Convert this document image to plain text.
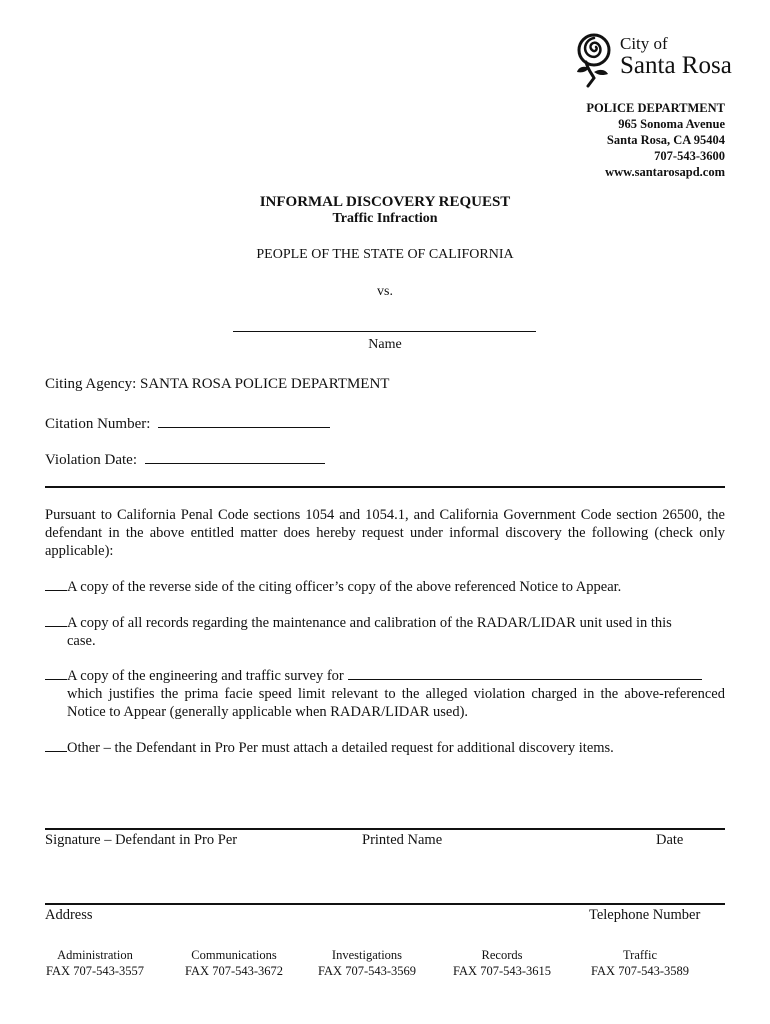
City of
Santa Rosa
POLICE DEPARTMENT
965 Sonoma Avenue
Santa Rosa, CA 95404
707-543-3600
www.santarosapd.com
INFORMAL DISCOVERY REQUEST
Traffic Infraction
PEOPLE OF THE STATE OF CALIFORNIA
vs.
Name
Citing Agency: SANTA ROSA POLICE DEPARTMENT
Citation Number:
Violation Date:
Pursuant to California Penal Code sections 1054 and 1054.1, and California Government Code section 26500, the defendant in the above entitled matter does hereby request under informal discovery the following (check only applicable):
A copy of the reverse side of the citing officer’s copy of the above referenced Notice to Appear.
A copy of all records regarding the maintenance and calibration of the RADAR/LIDAR unit used in this
case.
A copy of the engineering and traffic survey for
which justifies the prima facie speed limit relevant to the alleged violation charged in the above-referenced Notice to Appear (generally applicable when RADAR/LIDAR used).
Other – the Defendant in Pro Per must attach a detailed request for additional discovery items.
Signature – Defendant in Pro Per	Printed Name	Date
Address	Telephone Number
Administration
FAX 707-543-3557
Communications
FAX 707-543-3672
Investigations
FAX 707-543-3569
Records
FAX 707-543-3615
Traffic
FAX 707-543-3589
